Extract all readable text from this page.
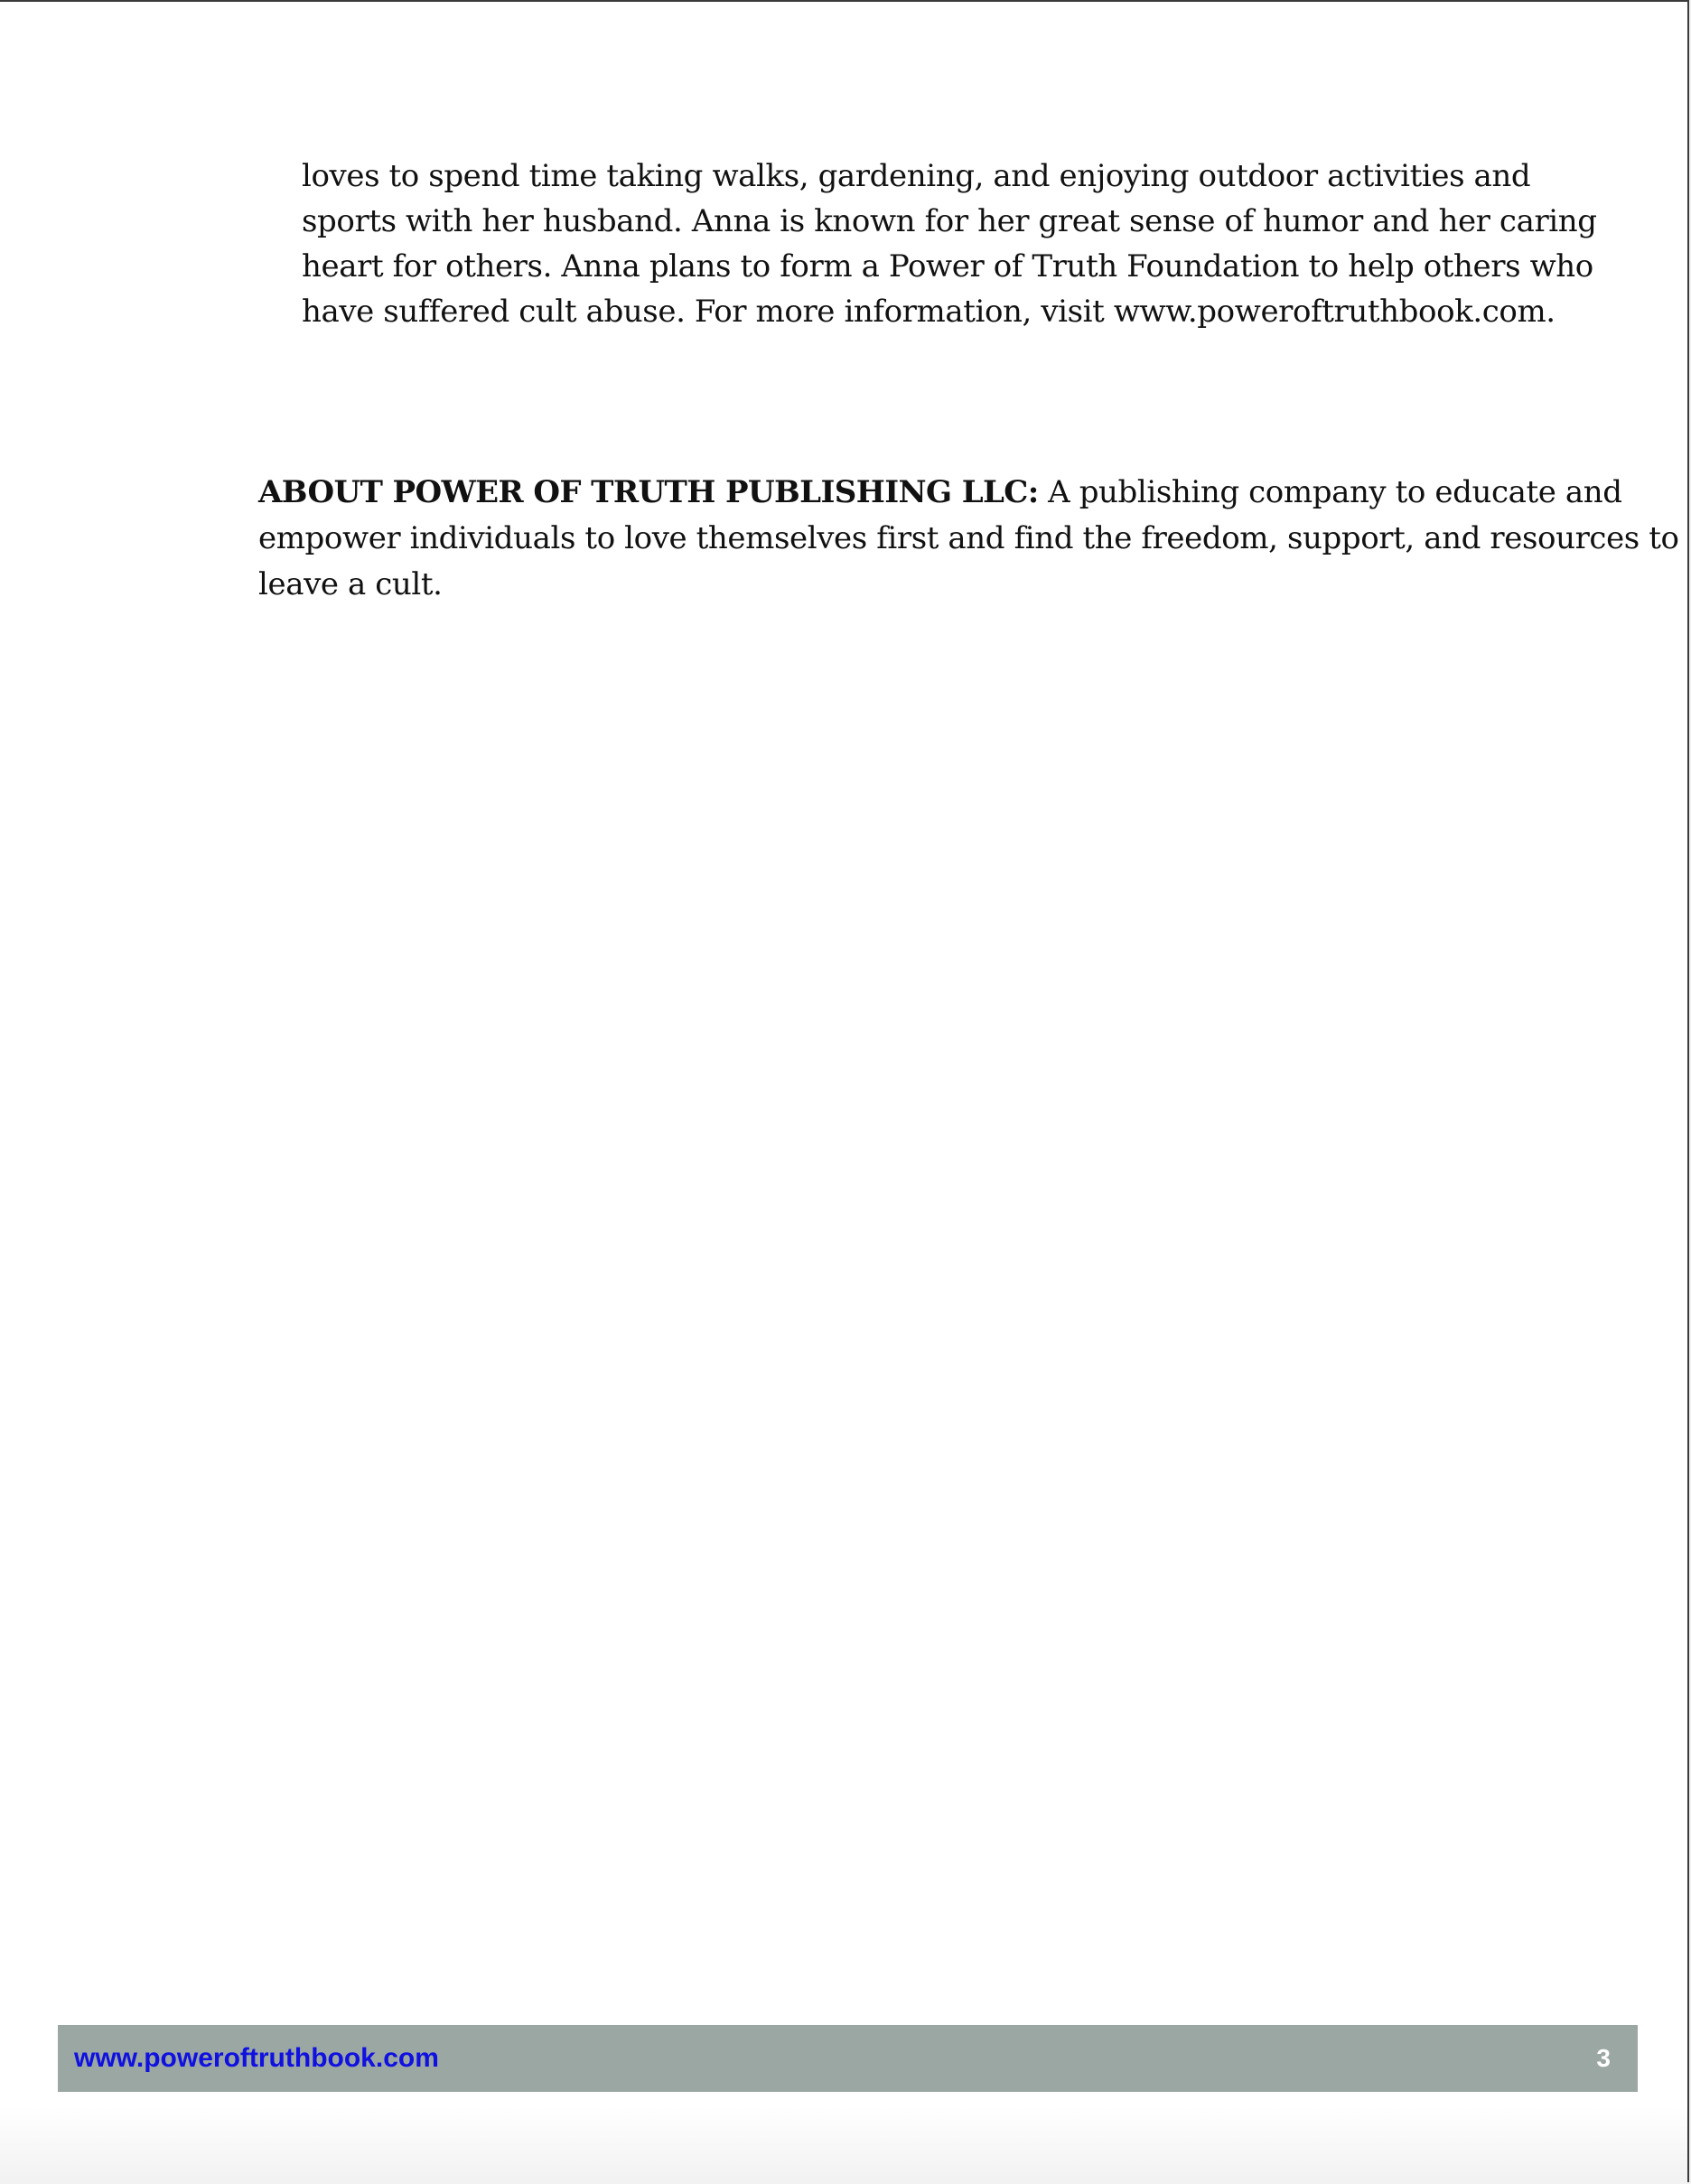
loves to spend time taking walks, gardening, and enjoying outdoor activities and
sports with her husband. Anna is known for her great sense of humor and her caring
heart for others. Anna plans to form a Power of Truth Foundation to help others who
have suffered cult abuse. For more information, visit www.poweroftruthbook.com.

ABOUT POWER OF TRUTH PUBLISHING LLC: A publishing company to educate and
empower individuals to love themselves first and find the freedom, support, and resources to
leave a cult.

www.poweroftruthbook.com	3
